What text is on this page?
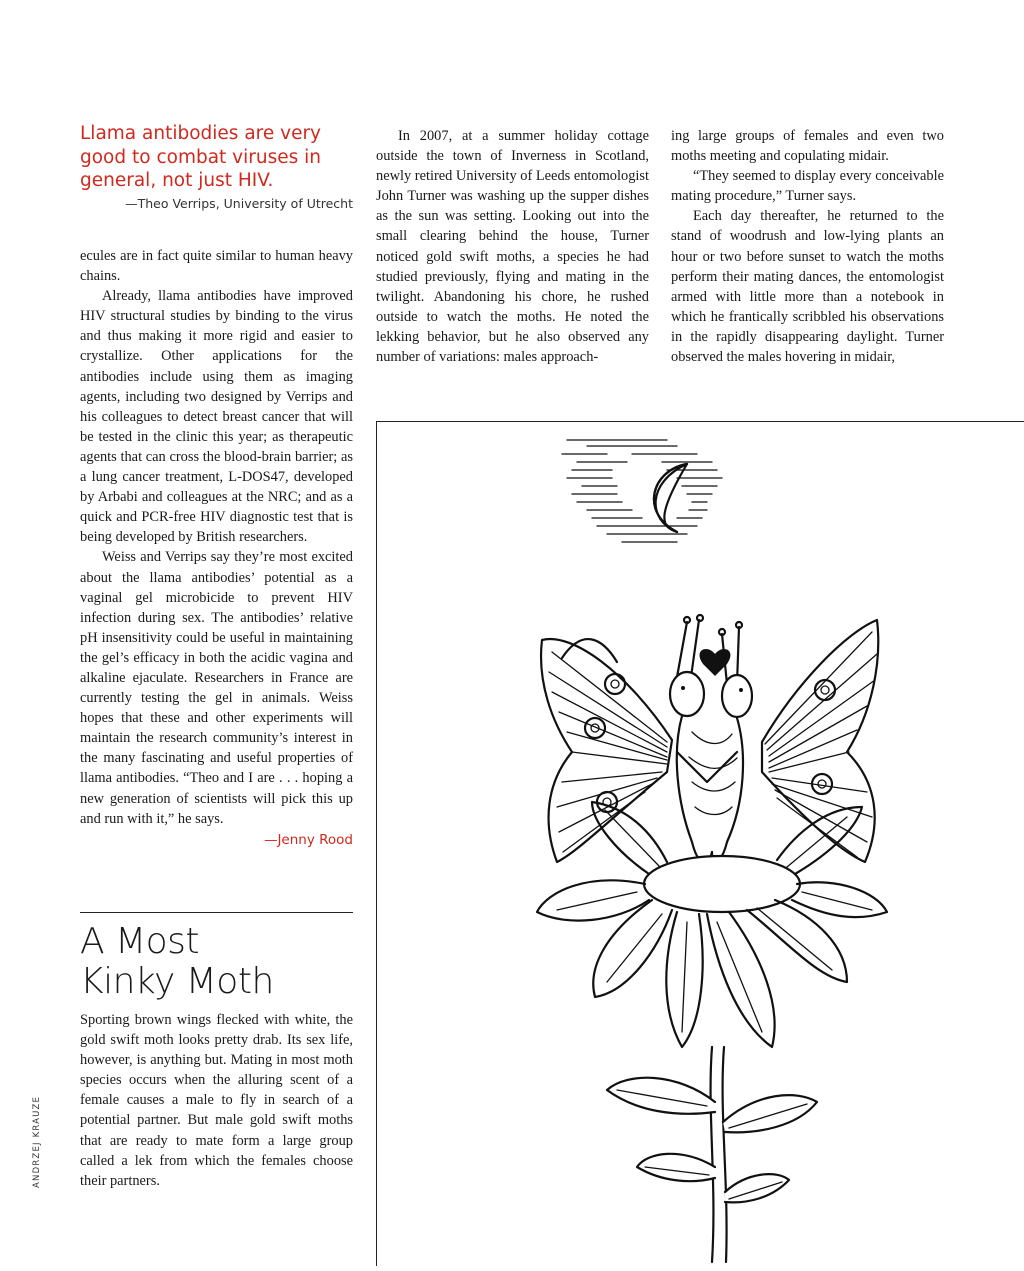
Llama antibodies are very good to combat viruses in general, not just HIV.
—Theo Verrips, University of Utrecht

ecules are in fact quite similar to human heavy chains.

Already, llama antibodies have improved HIV structural studies by binding to the virus and thus making it more rigid and easier to crystallize. Other applications for the antibodies include using them as imaging agents, including two designed by Verrips and his colleagues to detect breast cancer that will be tested in the clinic this year; as therapeutic agents that can cross the blood-brain barrier; as a lung cancer treatment, L-DOS47, developed by Arbabi and colleagues at the NRC; and as a quick and PCR-free HIV diagnostic test that is being developed by British researchers.

Weiss and Verrips say they’re most excited about the llama antibodies’ potential as a vaginal gel microbicide to prevent HIV infection during sex. The antibodies’ relative pH insensitivity could be useful in maintaining the gel’s efficacy in both the acidic vagina and alkaline ejaculate. Researchers in France are currently testing the gel in animals. Weiss hopes that these and other experiments will maintain the research community’s interest in the many fascinating and useful properties of llama antibodies. “Theo and I are . . . hoping a new generation of scientists will pick this up and run with it,” he says.

—Jenny Rood
A Most
Kinky Moth

Sporting brown wings flecked with white, the gold swift moth looks pretty drab. Its sex life, however, is anything but. Mating in most moth species occurs when the alluring scent of a female causes a male to fly in search of a potential partner. But male gold swift moths that are ready to mate form a large group called a lek from which the females choose their partners.

In 2007, at a summer holiday cottage outside the town of Inverness in Scotland, newly retired University of Leeds entomologist John Turner was washing up the supper dishes as the sun was setting. Looking out into the small clearing behind the house, Turner noticed gold swift moths, a species he had studied previously, flying and mating in the twilight. Abandoning his chore, he rushed outside to watch the moths. He noted the lekking behavior, but he also observed any number of variations: males approach-

ing large groups of females and even two moths meeting and copulating midair.

“They seemed to display every conceivable mating procedure,” Turner says.

Each day thereafter, he returned to the stand of woodrush and low-lying plants an hour or two before sunset to watch the moths perform their mating dances, the entomologist armed with little more than a notebook in which he frantically scribbled his observations in the rapidly disappearing daylight. Turner observed the males hovering in midair,

ANDRZEJ KRAUZE
